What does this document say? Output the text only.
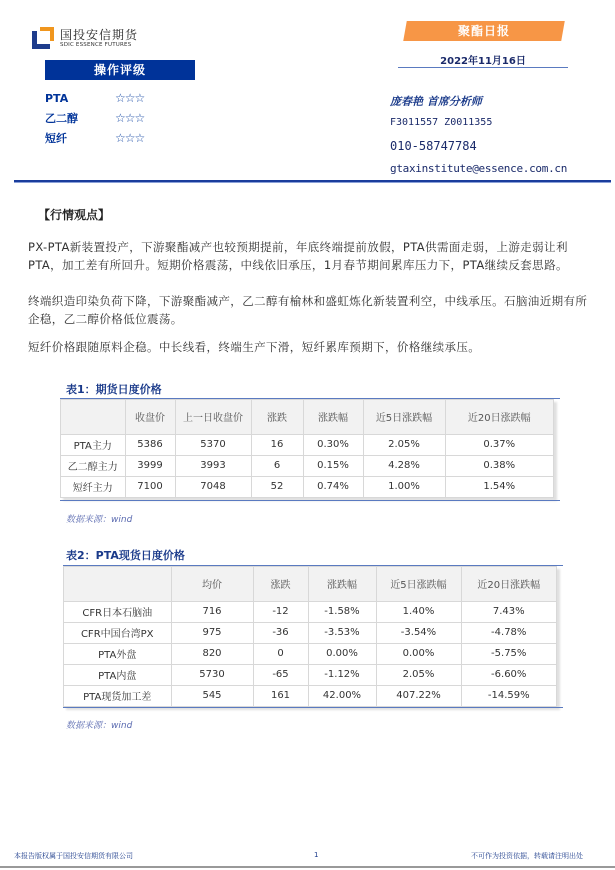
国投安信期货
SDIC ESSENCE FUTURES
操作评级
PTA	☆☆☆
乙二醇	☆☆☆
短纤	☆☆☆
聚酯日报
2022年11月16日
庞春艳 首席分析师
F3011557 Z0011355
010-58747784
gtaxinstitute@essence.com.cn
【行情观点】

PX-PTA新装置投产，下游聚酯减产也较预期提前，年底终端提前放假，PTA供需面走弱，上游走弱让利PTA，加工差有所回升。短期价格震荡，中线依旧承压，1月春节期间累库压力下，PTA继续反套思路。

终端织造印染负荷下降，下游聚酯减产，乙二醇有榆林和盛虹炼化新装置利空，中线承压。石脑油近期有所企稳，乙二醇价格低位震荡。

短纤价格跟随原料企稳。中长线看，终端生产下滑，短纤累库预期下，价格继续承压。

表1：期货日度价格
	收盘价	上一日收盘价	涨跌	涨跌幅	近5日涨跌幅	近20日涨跌幅
PTA主力	5386	5370	16	0.30%	2.05%	0.37%
乙二醇主力	3999	3993	6	0.15%	4.28%	0.38%
短纤主力	7100	7048	52	0.74%	1.00%	1.54%
数据来源：wind
表2：PTA现货日度价格
	均价	涨跌	涨跌幅	近5日涨跌幅	近20日涨跌幅
CFR日本石脑油	716	-12	-1.58%	1.40%	7.43%
CFR中国台湾PX	975	-36	-3.53%	-3.54%	-4.78%
PTA外盘	820	0	0.00%	0.00%	-5.75%
PTA内盘	5730	-65	-1.12%	2.05%	-6.60%
PTA现货加工差	545	161	42.00%	407.22%	-14.59%
数据来源：wind
本报告版权属于国投安信期货有限公司	1	不可作为投资依据，转载请注明出处
